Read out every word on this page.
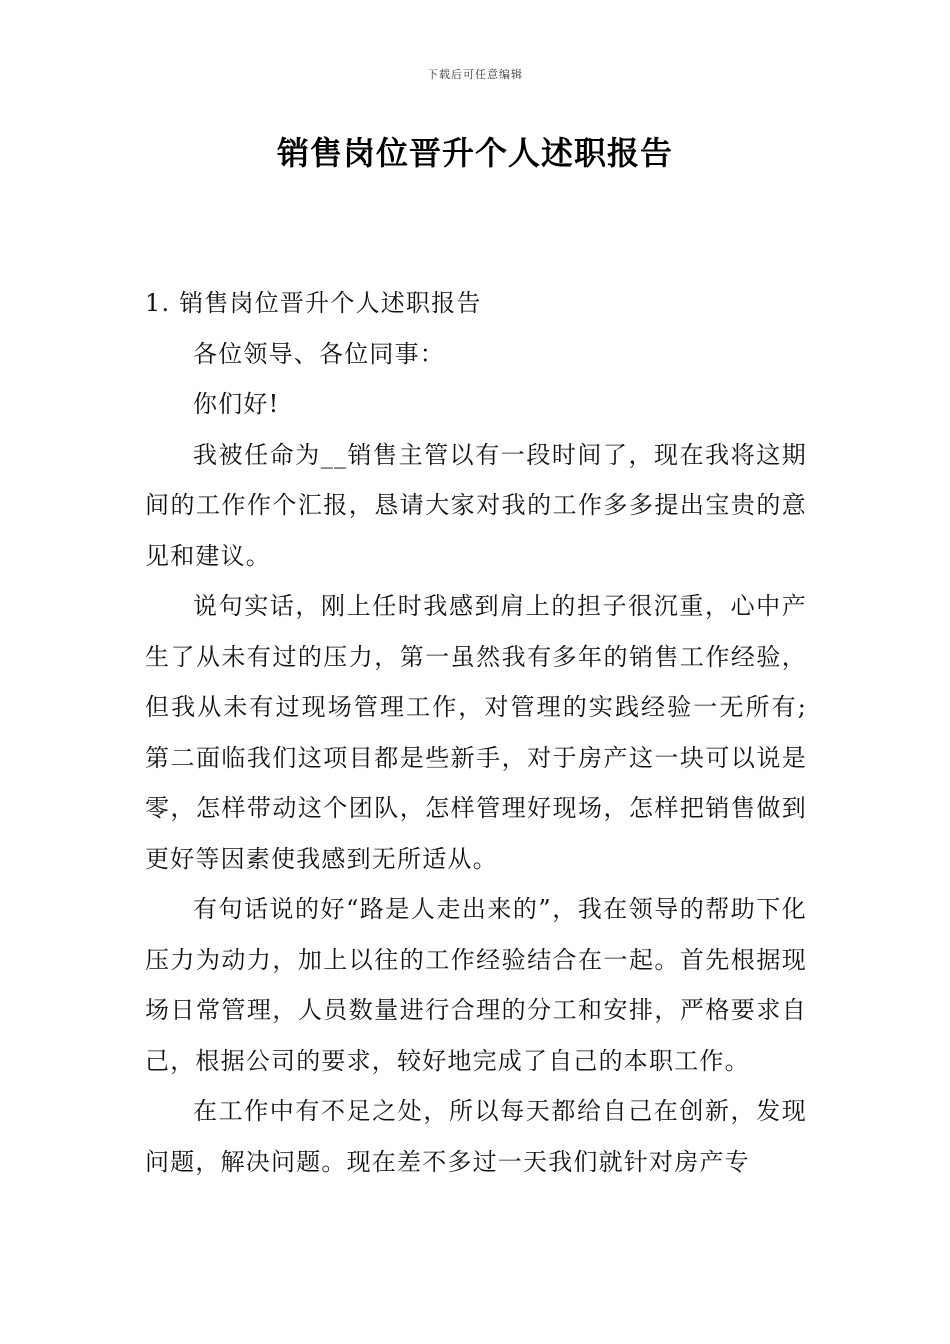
下载后可任意编辑
销售岗位晋升个人述职报告

1. 销售岗位晋升个人述职报告

各位领导、各位同事：

你们好!

我被任命为__销售主管以有一段时间了，现在我将这期间的工作作个汇报，恳请大家对我的工作多多提出宝贵的意见和建议。

说句实话，刚上任时我感到肩上的担子很沉重，心中产生了从未有过的压力，第一虽然我有多年的销售工作经验，但我从未有过现场管理工作，对管理的实践经验一无所有;第二面临我们这项目都是些新手，对于房产这一块可以说是零，怎样带动这个团队，怎样管理好现场，怎样把销售做到更好等因素使我感到无所适从。

有句话说的好“路是人走出来的”，我在领导的帮助下化压力为动力，加上以往的工作经验结合在一起。首先根据现场日常管理，人员数量进行合理的分工和安排，严格要求自己，根据公司的要求，较好地完成了自己的本职工作。

在工作中有不足之处，所以每天都给自己在创新，发现问题，解决问题。现在差不多过一天我们就针对房产专
